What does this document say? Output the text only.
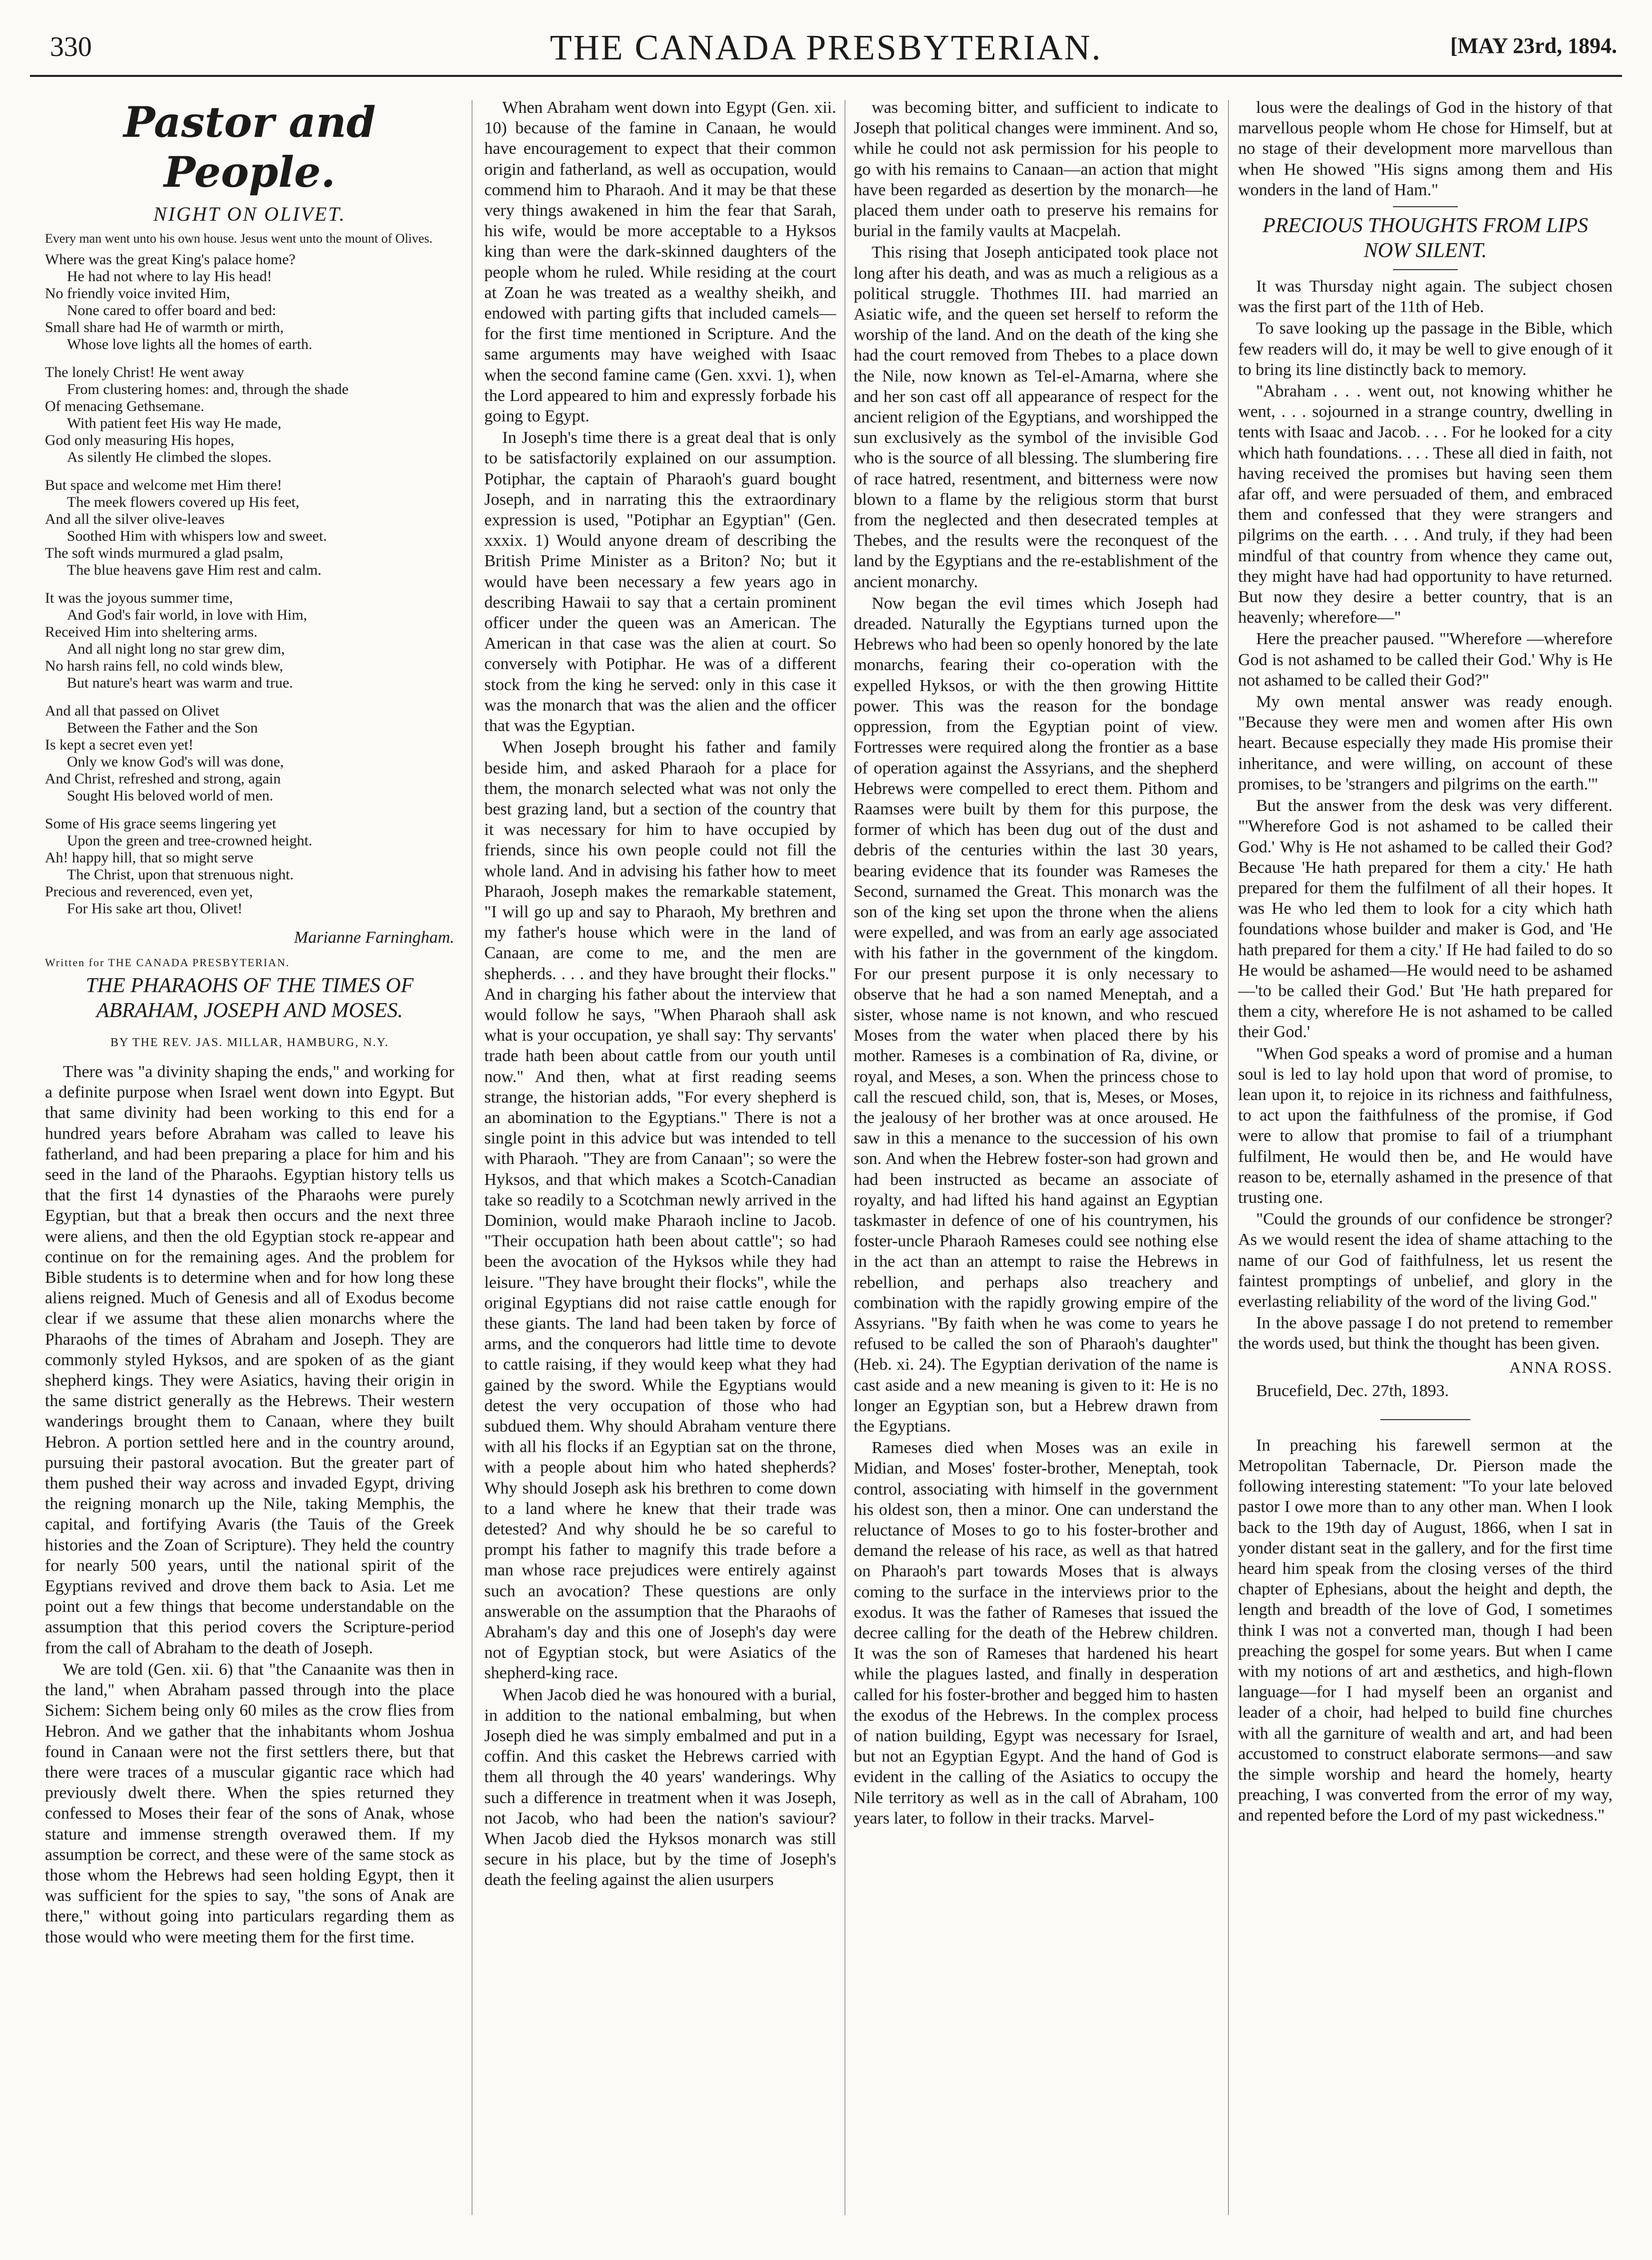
330	THE CANADA PRESBYTERIAN.	[MAY 23rd, 1894.
Pastor and People.
NIGHT ON OLIVET.

Every man went unto his own house. Jesus went unto the mount of Olives.

Where was the great King's palace home?
He had not where to lay His head!
No friendly voice invited Him,
None cared to offer board and bed:
Small share had He of warmth or mirth,
Whose love lights all the homes of earth.
The lonely Christ! He went away
From clustering homes: and, through the shade
Of menacing Gethsemane.
With patient feet His way He made,
God only measuring His hopes,
As silently He climbed the slopes.
But space and welcome met Him there!
The meek flowers covered up His feet,
And all the silver olive-leaves
Soothed Him with whispers low and sweet.
The soft winds murmured a glad psalm,
The blue heavens gave Him rest and calm.
It was the joyous summer time,
And God's fair world, in love with Him,
Received Him into sheltering arms.
And all night long no star grew dim,
No harsh rains fell, no cold winds blew,
But nature's heart was warm and true.
And all that passed on Olivet
Between the Father and the Son
Is kept a secret even yet!
Only we know God's will was done,
And Christ, refreshed and strong, again
Sought His beloved world of men.
Some of His grace seems lingering yet
Upon the green and tree-crowned height.
Ah! happy hill, that so might serve
The Christ, upon that strenuous night.
Precious and reverenced, even yet,
For His sake art thou, Olivet!
Marianne Farningham.
Written for THE CANADA PRESBYTERIAN.
THE PHARAOHS OF THE TIMES OF ABRAHAM, JOSEPH AND MOSES.
BY THE REV. JAS. MILLAR, HAMBURG, N.Y.

There was "a divinity shaping the ends," and working for a definite purpose when Israel went down into Egypt. But that same divinity had been working to this end for a hundred years before Abraham was called to leave his fatherland, and had been preparing a place for him and his seed in the land of the Pharaohs. Egyptian history tells us that the first 14 dynasties of the Pharaohs were purely Egyptian, but that a break then occurs and the next three were aliens, and then the old Egyptian stock re-appear and continue on for the remaining ages. And the problem for Bible students is to determine when and for how long these aliens reigned. Much of Genesis and all of Exodus become clear if we assume that these alien monarchs where the Pharaohs of the times of Abraham and Joseph. They are commonly styled Hyksos, and are spoken of as the giant shepherd kings. They were Asiatics, having their origin in the same district generally as the Hebrews. Their western wanderings brought them to Canaan, where they built Hebron. A portion settled here and in the country around, pursuing their pastoral avocation. But the greater part of them pushed their way across and invaded Egypt, driving the reigning monarch up the Nile, taking Memphis, the capital, and fortifying Avaris (the Tauis of the Greek histories and the Zoan of Scripture). They held the country for nearly 500 years, until the national spirit of the Egyptians revived and drove them back to Asia. Let me point out a few things that become understandable on the assumption that this period covers the Scripture-period from the call of Abraham to the death of Joseph.

We are told (Gen. xii. 6) that "the Canaanite was then in the land," when Abraham passed through into the place Sichem: Sichem being only 60 miles as the crow flies from Hebron. And we gather that the inhabitants whom Joshua found in Canaan were not the first settlers there, but that there were traces of a muscular gigantic race which had previously dwelt there. When the spies returned they confessed to Moses their fear of the sons of Anak, whose stature and immense strength overawed them. If my assumption be correct, and these were of the same stock as those whom the Hebrews had seen holding Egypt, then it was sufficient for the spies to say, "the sons of Anak are there," without going into particulars regarding them as those would who were meeting them for the first time.

When Abraham went down into Egypt (Gen. xii. 10) because of the famine in Canaan, he would have encouragement to expect that their common origin and fatherland, as well as occupation, would commend him to Pharaoh. And it may be that these very things awakened in him the fear that Sarah, his wife, would be more acceptable to a Hyksos king than were the dark-skinned daughters of the people whom he ruled. While residing at the court at Zoan he was treated as a wealthy sheikh, and endowed with parting gifts that included camels—for the first time mentioned in Scripture. And the same arguments may have weighed with Isaac when the second famine came (Gen. xxvi. 1), when the Lord appeared to him and expressly forbade his going to Egypt.

In Joseph's time there is a great deal that is only to be satisfactorily explained on our assumption. Potiphar, the captain of Pharaoh's guard bought Joseph, and in narrating this the extraordinary expression is used, "Potiphar an Egyptian" (Gen. xxxix. 1) Would anyone dream of describing the British Prime Minister as a Briton? No; but it would have been necessary a few years ago in describing Hawaii to say that a certain prominent officer under the queen was an American. The American in that case was the alien at court. So conversely with Potiphar. He was of a different stock from the king he served: only in this case it was the monarch that was the alien and the officer that was the Egyptian.

When Joseph brought his father and family beside him, and asked Pharaoh for a place for them, the monarch selected what was not only the best grazing land, but a section of the country that it was necessary for him to have occupied by friends, since his own people could not fill the whole land. And in advising his father how to meet Pharaoh, Joseph makes the remarkable statement, "I will go up and say to Pharaoh, My brethren and my father's house which were in the land of Canaan, are come to me, and the men are shepherds. . . . and they have brought their flocks." And in charging his father about the interview that would follow he says, "When Pharaoh shall ask what is your occupation, ye shall say: Thy servants' trade hath been about cattle from our youth until now." And then, what at first reading seems strange, the historian adds, "For every shepherd is an abomination to the Egyptians." There is not a single point in this advice but was intended to tell with Pharaoh. "They are from Canaan"; so were the Hyksos, and that which makes a Scotch-Canadian take so readily to a Scotchman newly arrived in the Dominion, would make Pharaoh incline to Jacob. "Their occupation hath been about cattle"; so had been the avocation of the Hyksos while they had leisure. "They have brought their flocks", while the original Egyptians did not raise cattle enough for these giants. The land had been taken by force of arms, and the conquerors had little time to devote to cattle raising, if they would keep what they had gained by the sword. While the Egyptians would detest the very occupation of those who had subdued them. Why should Abraham venture there with all his flocks if an Egyptian sat on the throne, with a people about him who hated shepherds? Why should Joseph ask his brethren to come down to a land where he knew that their trade was detested? And why should he be so careful to prompt his father to magnify this trade before a man whose race prejudices were entirely against such an avocation? These questions are only answerable on the assumption that the Pharaohs of Abraham's day and this one of Joseph's day were not of Egyptian stock, but were Asiatics of the shepherd-king race.

When Jacob died he was honoured with a burial, in addition to the national embalming, but when Joseph died he was simply embalmed and put in a coffin. And this casket the Hebrews carried with them all through the 40 years' wanderings. Why such a difference in treatment when it was Joseph, not Jacob, who had been the nation's saviour? When Jacob died the Hyksos monarch was still secure in his place, but by the time of Joseph's death the feeling against the alien usurpers

was becoming bitter, and sufficient to indicate to Joseph that political changes were imminent. And so, while he could not ask permission for his people to go with his remains to Canaan—an action that might have been regarded as desertion by the monarch—he placed them under oath to preserve his remains for burial in the family vaults at Macpelah.

This rising that Joseph anticipated took place not long after his death, and was as much a religious as a political struggle. Thothmes III. had married an Asiatic wife, and the queen set herself to reform the worship of the land. And on the death of the king she had the court removed from Thebes to a place down the Nile, now known as Tel-el-Amarna, where she and her son cast off all appearance of respect for the ancient religion of the Egyptians, and worshipped the sun exclusively as the symbol of the invisible God who is the source of all blessing. The slumbering fire of race hatred, resentment, and bitterness were now blown to a flame by the religious storm that burst from the neglected and then desecrated temples at Thebes, and the results were the reconquest of the land by the Egyptians and the re-establishment of the ancient monarchy.

Now began the evil times which Joseph had dreaded. Naturally the Egyptians turned upon the Hebrews who had been so openly honored by the late monarchs, fearing their co-operation with the expelled Hyksos, or with the then growing Hittite power. This was the reason for the bondage oppression, from the Egyptian point of view. Fortresses were required along the frontier as a base of operation against the Assyrians, and the shepherd Hebrews were compelled to erect them. Pithom and Raamses were built by them for this purpose, the former of which has been dug out of the dust and debris of the centuries within the last 30 years, bearing evidence that its founder was Rameses the Second, surnamed the Great. This monarch was the son of the king set upon the throne when the aliens were expelled, and was from an early age associated with his father in the government of the kingdom. For our present purpose it is only necessary to observe that he had a son named Meneptah, and a sister, whose name is not known, and who rescued Moses from the water when placed there by his mother. Rameses is a combination of Ra, divine, or royal, and Meses, a son. When the princess chose to call the rescued child, son, that is, Meses, or Moses, the jealousy of her brother was at once aroused. He saw in this a menance to the succession of his own son. And when the Hebrew foster-son had grown and had been instructed as became an associate of royalty, and had lifted his hand against an Egyptian taskmaster in defence of one of his countrymen, his foster-uncle Pharaoh Rameses could see nothing else in the act than an attempt to raise the Hebrews in rebellion, and perhaps also treachery and combination with the rapidly growing empire of the Assyrians. "By faith when he was come to years he refused to be called the son of Pharaoh's daughter" (Heb. xi. 24). The Egyptian derivation of the name is cast aside and a new meaning is given to it: He is no longer an Egyptian son, but a Hebrew drawn from the Egyptians.

Rameses died when Moses was an exile in Midian, and Moses' foster-brother, Meneptah, took control, associating with himself in the government his oldest son, then a minor. One can understand the reluctance of Moses to go to his foster-brother and demand the release of his race, as well as that hatred on Pharaoh's part towards Moses that is always coming to the surface in the interviews prior to the exodus. It was the father of Rameses that issued the decree calling for the death of the Hebrew children. It was the son of Rameses that hardened his heart while the plagues lasted, and finally in desperation called for his foster-brother and begged him to hasten the exodus of the Hebrews. In the complex process of nation building, Egypt was necessary for Israel, but not an Egyptian Egypt. And the hand of God is evident in the calling of the Asiatics to occupy the Nile territory as well as in the call of Abraham, 100 years later, to follow in their tracks. Marvel-

lous were the dealings of God in the history of that marvellous people whom He chose for Himself, but at no stage of their development more marvellous than when He showed "His signs among them and His wonders in the land of Ham."

PRECIOUS THOUGHTS FROM LIPS NOW SILENT.

It was Thursday night again. The subject chosen was the first part of the 11th of Heb.

To save looking up the passage in the Bible, which few readers will do, it may be well to give enough of it to bring its line distinctly back to memory.

"Abraham . . . went out, not knowing whither he went, . . . sojourned in a strange country, dwelling in tents with Isaac and Jacob. . . . For he looked for a city which hath foundations. . . . These all died in faith, not having received the promises but having seen them afar off, and were persuaded of them, and embraced them and confessed that they were strangers and pilgrims on the earth. . . . And truly, if they had been mindful of that country from whence they came out, they might have had had opportunity to have returned. But now they desire a better country, that is an heavenly; wherefore—"

Here the preacher paused. "'Wherefore —wherefore God is not ashamed to be called their God.' Why is He not ashamed to be called their God?"

My own mental answer was ready enough. "Because they were men and women after His own heart. Because especially they made His promise their inheritance, and were willing, on account of these promises, to be 'strangers and pilgrims on the earth.'"

But the answer from the desk was very different. "'Wherefore God is not ashamed to be called their God.' Why is He not ashamed to be called their God? Because 'He hath prepared for them a city.' He hath prepared for them the fulfilment of all their hopes. It was He who led them to look for a city which hath foundations whose builder and maker is God, and 'He hath prepared for them a city.' If He had failed to do so He would be ashamed—He would need to be ashamed—'to be called their God.' But 'He hath prepared for them a city, wherefore He is not ashamed to be called their God.'

"When God speaks a word of promise and a human soul is led to lay hold upon that word of promise, to lean upon it, to rejoice in its richness and faithfulness, to act upon the faithfulness of the promise, if God were to allow that promise to fail of a triumphant fulfilment, He would then be, and He would have reason to be, eternally ashamed in the presence of that trusting one.

"Could the grounds of our confidence be stronger? As we would resent the idea of shame attaching to the name of our God of faithfulness, let us resent the faintest promptings of unbelief, and glory in the everlasting reliability of the word of the living God."

In the above passage I do not pretend to remember the words used, but think the thought has been given.

ANNA ROSS.

Brucefield, Dec. 27th, 1893.

In preaching his farewell sermon at the Metropolitan Tabernacle, Dr. Pierson made the following interesting statement: "To your late beloved pastor I owe more than to any other man. When I look back to the 19th day of August, 1866, when I sat in yonder distant seat in the gallery, and for the first time heard him speak from the closing verses of the third chapter of Ephesians, about the height and depth, the length and breadth of the love of God, I sometimes think I was not a converted man, though I had been preaching the gospel for some years. But when I came with my notions of art and æsthetics, and high-flown language—for I had myself been an organist and leader of a choir, had helped to build fine churches with all the garniture of wealth and art, and had been accustomed to construct elaborate sermons—and saw the simple worship and heard the homely, hearty preaching, I was converted from the error of my way, and repented before the Lord of my past wickedness."
